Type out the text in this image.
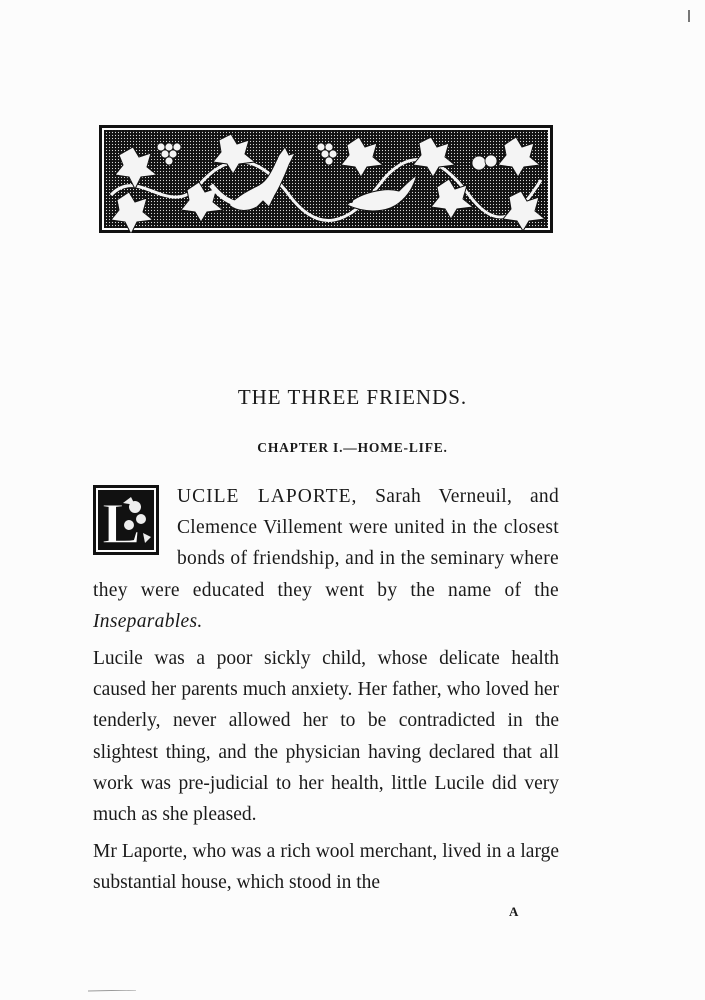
THE THREE FRIENDS.
CHAPTER I.—HOME-LIFE.
L	UCILE LAPORTE, Sarah Verneuil, and Clemence Villement were united in the closest bonds of friendship, and in the seminary where they were educated they went by the name of the Inseparables.

Lucile was a poor sickly child, whose delicate health caused her parents much anxiety. Her father, who loved her tenderly, never allowed her to be contradicted in the slightest thing, and the physician having declared that all work was pre-judicial to her health, little Lucile did very much as she pleased.

Mr Laporte, who was a rich wool merchant, lived in a large substantial house, which stood in the

A
